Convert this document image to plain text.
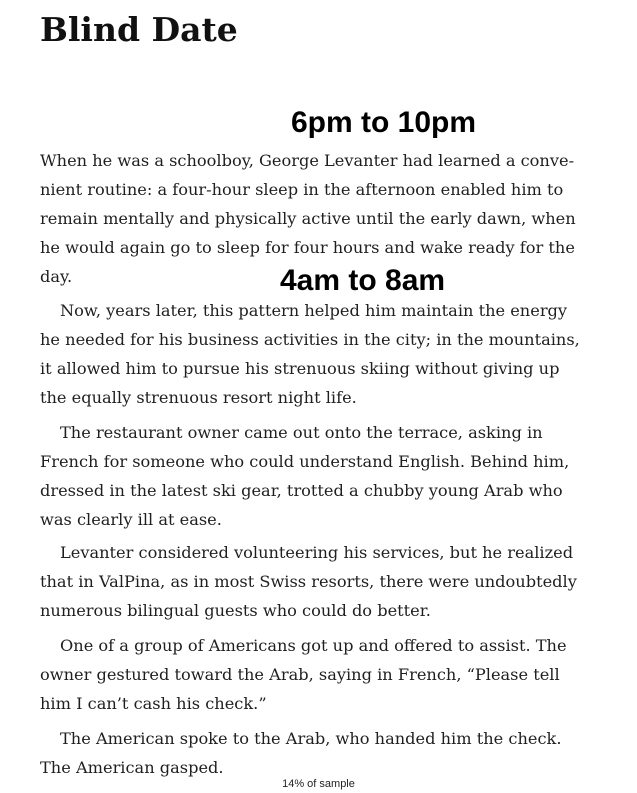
Blind Date
When he was a schoolboy, George Levanter had learned a conve-
nient routine: a four-hour sleep in the afternoon enabled him to
remain mentally and physically active until the early dawn, when
he would again go to sleep for four hours and wake ready for the
day.
Now, years later, this pattern helped him maintain the energy
he needed for his business activities in the city; in the mountains,
it allowed him to pursue his strenuous skiing without giving up
the equally strenuous resort night life.
The restaurant owner came out onto the terrace, asking in
French for someone who could understand English. Behind him,
dressed in the latest ski gear, trotted a chubby young Arab who
was clearly ill at ease.
Levanter considered volunteering his services, but he realized
that in ValPina, as in most Swiss resorts, there were undoubtedly
numerous bilingual guests who could do better.
One of a group of Americans got up and offered to assist. The
owner gestured toward the Arab, saying in French, “Please tell
him I can’t cash his check.”
The American spoke to the Arab, who handed him the check.
The American gasped.
6pm to 10pm
4am to 8am
14% of sample
